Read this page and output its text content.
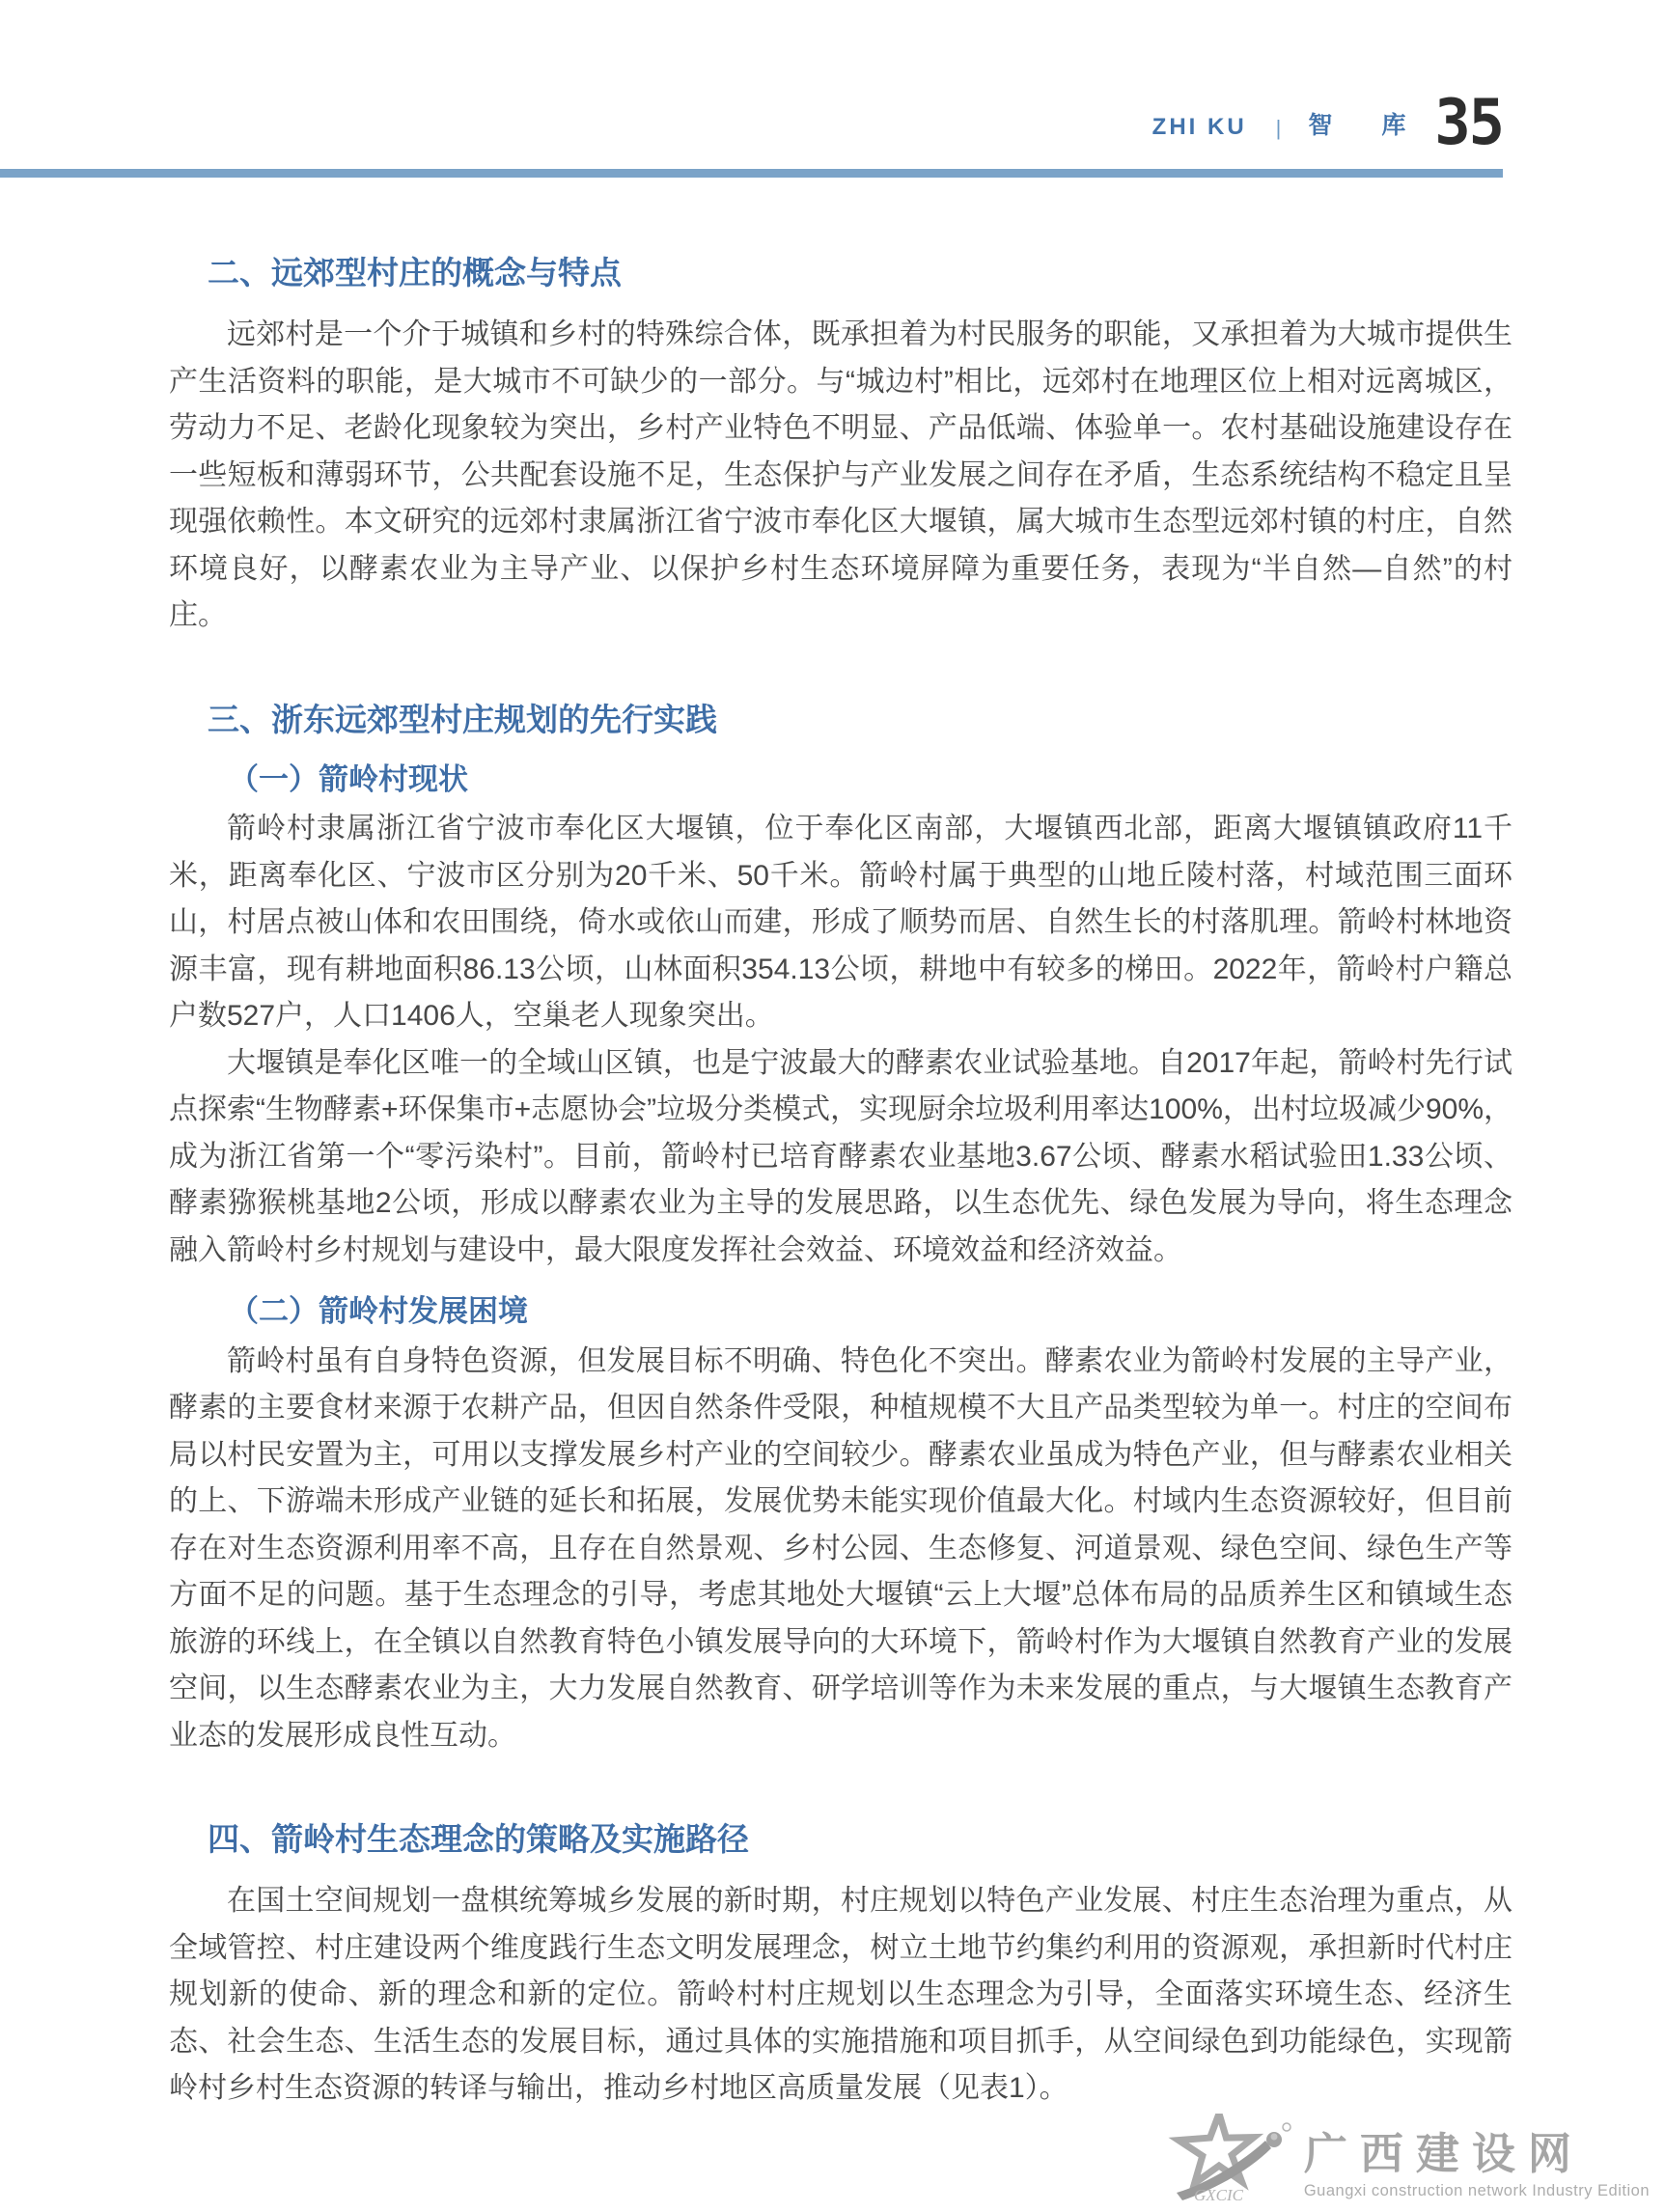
ZHI KU | 智 库 35
二、远郊型村庄的概念与特点

远郊村是一个介于城镇和乡村的特殊综合体，既承担着为村民服务的职能，又承担着为大城市提供生产生活资料的职能，是大城市不可缺少的一部分。与“城边村”相比，远郊村在地理区位上相对远离城区，劳动力不足、老龄化现象较为突出，乡村产业特色不明显、产品低端、体验单一。农村基础设施建设存在一些短板和薄弱环节，公共配套设施不足，生态保护与产业发展之间存在矛盾，生态系统结构不稳定且呈现强依赖性。本文研究的远郊村隶属浙江省宁波市奉化区大堰镇，属大城市生态型远郊村镇的村庄，自然环境良好，以酵素农业为主导产业、以保护乡村生态环境屏障为重要任务，表现为“半自然—自然”的村庄。

三、浙东远郊型村庄规划的先行实践
（一）箭岭村现状

箭岭村隶属浙江省宁波市奉化区大堰镇，位于奉化区南部，大堰镇西北部，距离大堰镇镇政府11千米，距离奉化区、宁波市区分别为20千米、50千米。箭岭村属于典型的山地丘陵村落，村域范围三面环山，村居点被山体和农田围绕，倚水或依山而建，形成了顺势而居、自然生长的村落肌理。箭岭村林地资源丰富，现有耕地面积86.13公顷，山林面积354.13公顷，耕地中有较多的梯田。2022年，箭岭村户籍总户数527户，人口1406人，空巢老人现象突出。

大堰镇是奉化区唯一的全域山区镇，也是宁波最大的酵素农业试验基地。自2017年起，箭岭村先行试点探索“生物酵素+环保集市+志愿协会”垃圾分类模式，实现厨余垃圾利用率达100%，出村垃圾减少90%，成为浙江省第一个“零污染村”。目前，箭岭村已培育酵素农业基地3.67公顷、酵素水稻试验田1.33公顷、酵素猕猴桃基地2公顷，形成以酵素农业为主导的发展思路，以生态优先、绿色发展为导向，将生态理念融入箭岭村乡村规划与建设中，最大限度发挥社会效益、环境效益和经济效益。

（二）箭岭村发展困境

箭岭村虽有自身特色资源，但发展目标不明确、特色化不突出。酵素农业为箭岭村发展的主导产业，酵素的主要食材来源于农耕产品，但因自然条件受限，种植规模不大且产品类型较为单一。村庄的空间布局以村民安置为主，可用以支撑发展乡村产业的空间较少。酵素农业虽成为特色产业，但与酵素农业相关的上、下游端未形成产业链的延长和拓展，发展优势未能实现价值最大化。村域内生态资源较好，但目前存在对生态资源利用率不高，且存在自然景观、乡村公园、生态修复、河道景观、绿色空间、绿色生产等方面不足的问题。基于生态理念的引导，考虑其地处大堰镇“云上大堰”总体布局的品质养生区和镇域生态旅游的环线上，在全镇以自然教育特色小镇发展导向的大环境下，箭岭村作为大堰镇自然教育产业的发展空间，以生态酵素农业为主，大力发展自然教育、研学培训等作为未来发展的重点，与大堰镇生态教育产业态的发展形成良性互动。

四、箭岭村生态理念的策略及实施路径

在国土空间规划一盘棋统筹城乡发展的新时期，村庄规划以特色产业发展、村庄生态治理为重点，从全域管控、村庄建设两个维度践行生态文明发展理念，树立土地节约集约利用的资源观，承担新时代村庄规划新的使命、新的理念和新的定位。箭岭村村庄规划以生态理念为引导，全面落实环境生态、经济生态、社会生态、生活生态的发展目标，通过具体的实施措施和项目抓手，从空间绿色到功能绿色，实现箭岭村乡村生态资源的转译与输出，推动乡村地区高质量发展（见表1）。

GXCIC
广西建设网
Guangxi construction network Industry Edition
